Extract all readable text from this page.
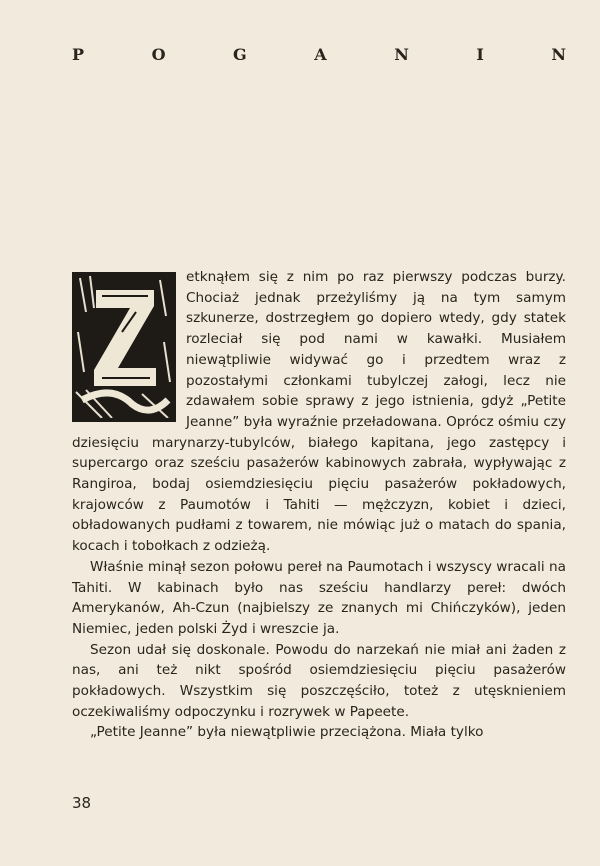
P	O	G	A	N	I	N

etknąłem się z nim po raz pierwszy podczas burzy. Chociaż jednak przeżyliśmy ją na tym samym szkunerze, dostrzegłem go dopiero wtedy, gdy statek rozleciał się pod nami w kawałki. Musiałem niewątpliwie widywać go i przedtem wraz z pozostałymi członkami tubylczej załogi, lecz nie zdawałem sobie sprawy z jego istnienia, gdyż „Petite Jeanne” była wyraźnie przeładowana. Oprócz ośmiu czy dziesięciu marynarzy-tubylców, białego kapitana, jego zastępcy i supercargo oraz sześciu pasażerów kabinowych zabrała, wypływając z Rangiroa, bodaj osiemdziesięciu pięciu pasażerów pokładowych, krajowców z Paumotów i Tahiti — mężczyzn, kobiet i dzieci, obładowanych pudłami z towarem, nie mówiąc już o matach do spania, kocach i tobołkach z odzieżą.

Właśnie minął sezon połowu pereł na Paumotach i wszyscy wracali na Tahiti. W kabinach było nas sześciu handlarzy pereł: dwóch Amerykanów, Ah-Czun (najbielszy ze znanych mi Chińczyków), jeden Niemiec, jeden polski Żyd i wreszcie ja.

Sezon udał się doskonale. Powodu do narzekań nie miał ani żaden z nas, ani też nikt spośród osiemdziesięciu pięciu pasażerów pokładowych. Wszystkim się poszczęściło, toteż z utęsknieniem oczekiwaliśmy odpoczynku i rozrywek w Papeete.

„Petite Jeanne” była niewątpliwie przeciążona. Miała tylko

38
